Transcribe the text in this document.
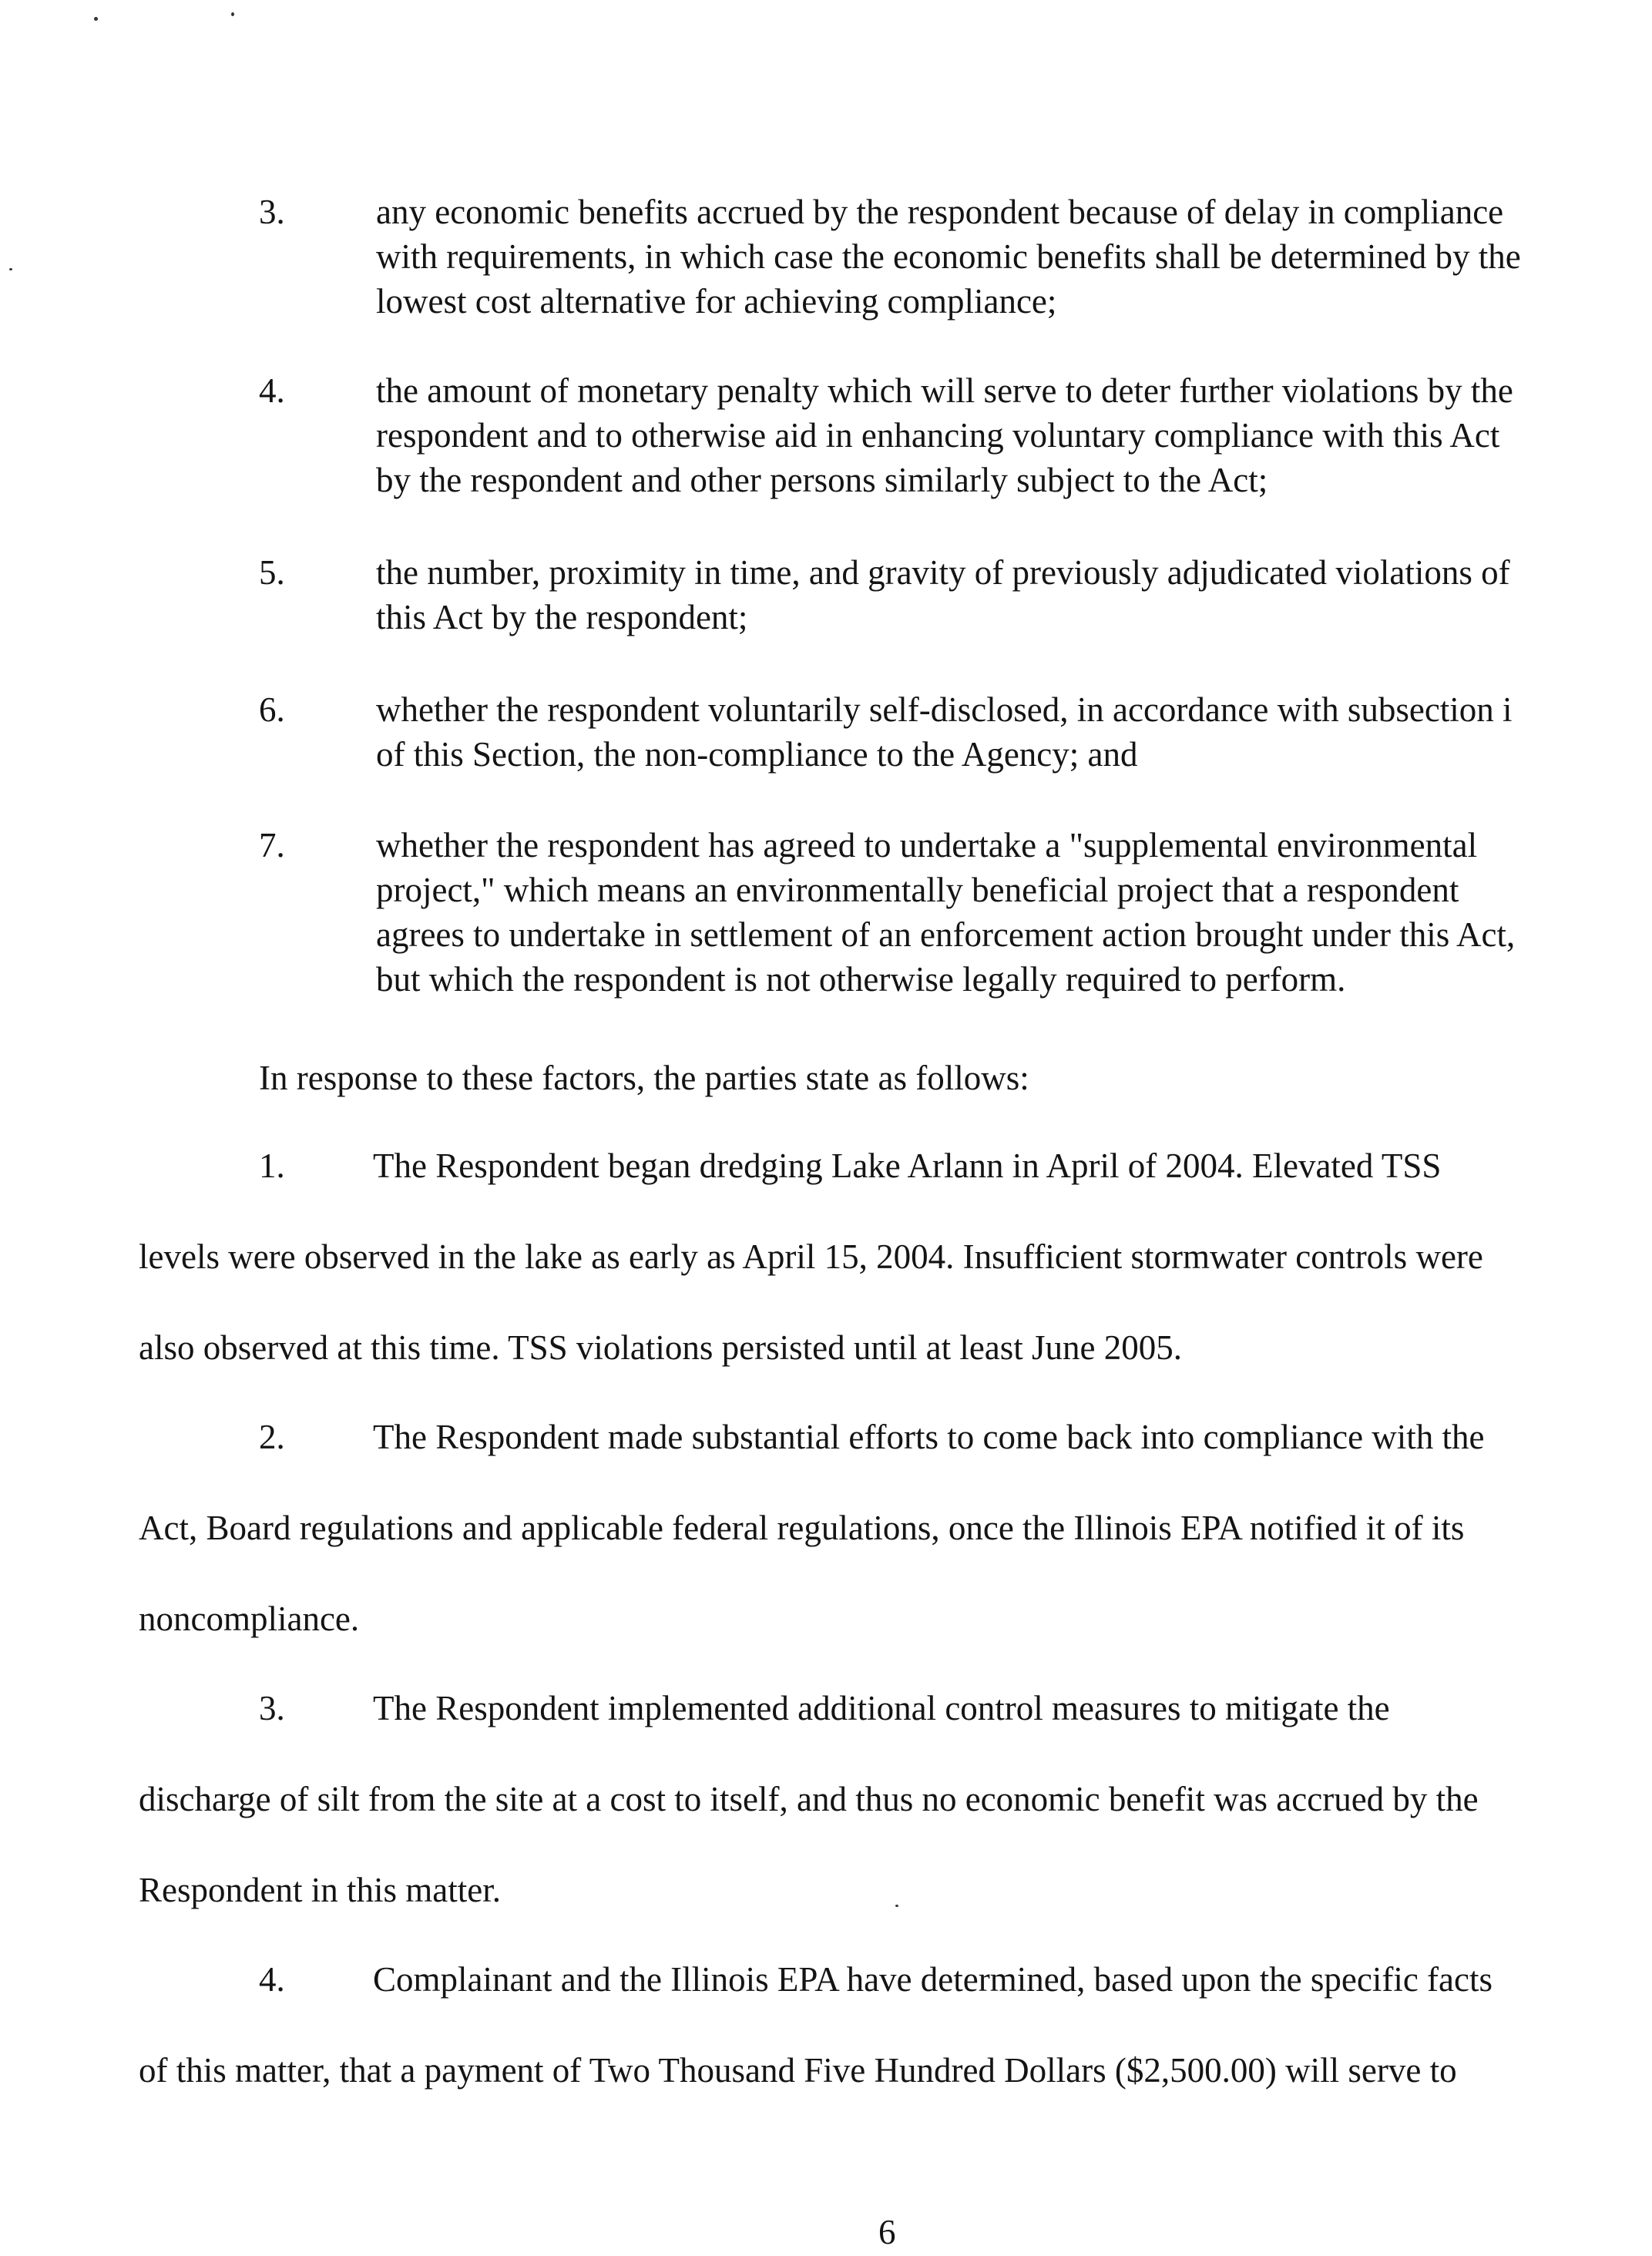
3.	any economic benefits accrued by the respondent because of delay in compliance
with requirements, in which case the economic benefits shall be determined by the
lowest cost alternative for achieving compliance;
4.	the amount of monetary penalty which will serve to deter further violations by the
respondent and to otherwise aid in enhancing voluntary compliance with this Act
by the respondent and other persons similarly subject to the Act;
5.	the number, proximity in time, and gravity of previously adjudicated violations of
this Act by the respondent;
6.	whether the respondent voluntarily self-disclosed, in accordance with subsection i
of this Section, the non-compliance to the Agency; and
7.	whether the respondent has agreed to undertake a "supplemental environmental
project," which means an environmentally beneficial project that a respondent
agrees to undertake in settlement of an enforcement action brought under this Act,
but which the respondent is not otherwise legally required to perform.
In response to these factors, the parties state as follows:
1.	The Respondent began dredging Lake Arlann in April of 2004. Elevated TSS
levels were observed in the lake as early as April 15, 2004. Insufficient stormwater controls were
also observed at this time. TSS violations persisted until at least June 2005.
2.	The Respondent made substantial efforts to come back into compliance with the
Act, Board regulations and applicable federal regulations, once the Illinois EPA notified it of its
noncompliance.
3.	The Respondent implemented additional control measures to mitigate the
discharge of silt from the site at a cost to itself, and thus no economic benefit was accrued by the
Respondent in this matter.
4.	Complainant and the Illinois EPA have determined, based upon the specific facts
of this matter, that a payment of Two Thousand Five Hundred Dollars ($2,500.00) will serve to
6
